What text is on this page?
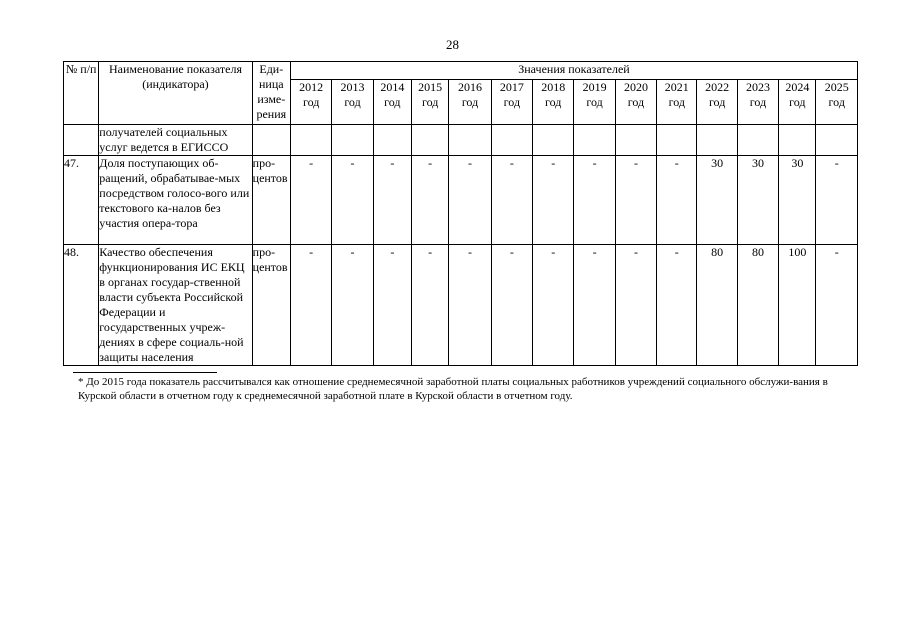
28
№ п/п	Наименование показателя (индикатора)	Еди-ница изме-рения	Значения показателей													
			2012 год	2013 год	2014 год	2015 год	2016 год	2017 год	2018 год	2019 год	2020 год	2021 год	2022 год	2023 год	2024 год	2025 год
	получателей социальных услуг ведется в ЕГИССО															
47.	Доля поступающих об-ращений, обрабатывае-мых посредством голосо-вого или текстового ка-налов без участия опера-тора	про-центов	-	-	-	-	-	-	-	-	-	-	30	30	30	-
48.	Качество обеспечения функционирования ИС ЕКЦ в органах государ-ственной власти субъекта Российской Федерации и государственных учреж-дениях в сфере социаль-ной защиты населения	про-центов	-	-	-	-	-	-	-	-	-	-	80	80	100	-
* До 2015 года показатель рассчитывался как отношение среднемесячной заработной платы социальных работников учреждений социального обслужи-вания в Курской области в отчетном году к среднемесячной заработной плате в Курской области в отчетном году.
